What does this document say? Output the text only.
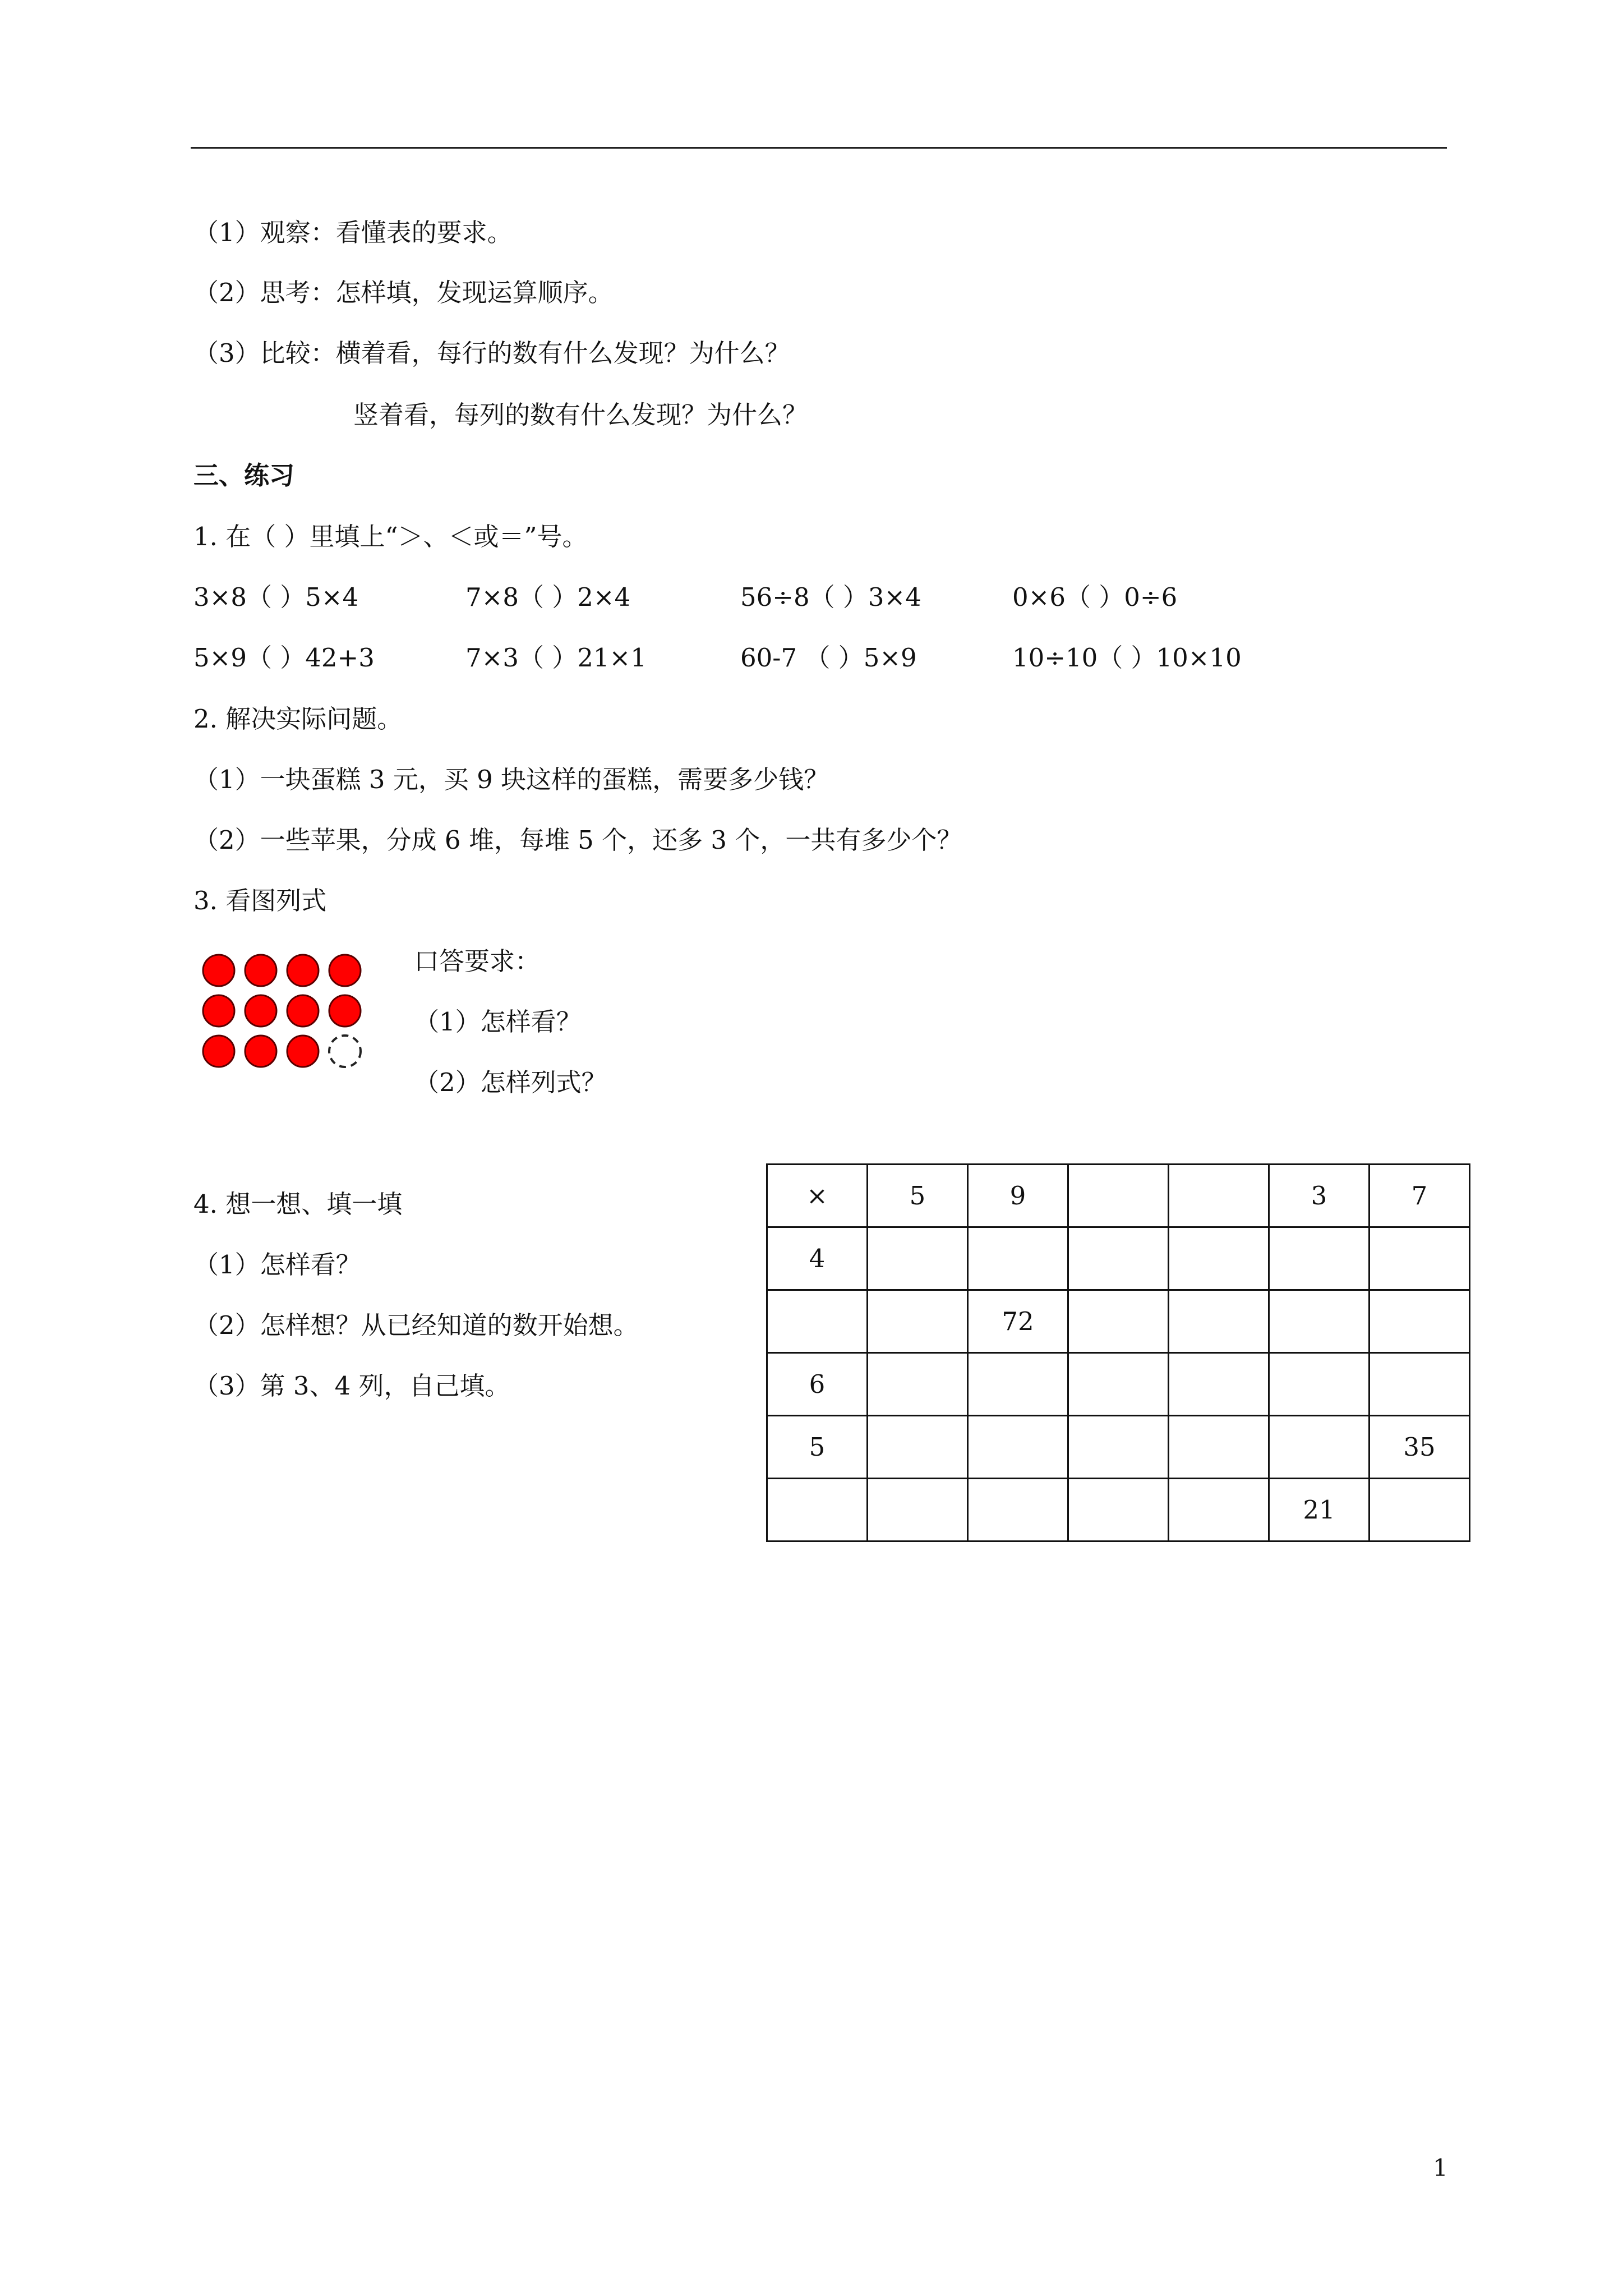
（1）观察：看懂表的要求。
（2）思考：怎样填，发现运算顺序。
（3）比较：横着看，每行的数有什么发现？为什么？
竖着看，每列的数有什么发现？为什么？
三、练习
1. 在（ ）里填上“＞、＜或＝”号。
3×8（ ）5×4	7×8（ ）2×4	56÷8（ ）3×4	0×6（ ）0÷6
5×9（ ）42+3	7×3（ ）21×1	60-7 （ ）5×9	10÷10（ ）10×10
2. 解决实际问题。
（1）一块蛋糕 3 元，买 9 块这样的蛋糕，需要多少钱？
（2）一些苹果，分成 6 堆，每堆 5 个，还多 3 个，一共有多少个？
3. 看图列式
口答要求：
（1）怎样看？
（2）怎样列式？
4. 想一想、填一填
（1）怎样看？
（2）怎样想？从已经知道的数开始想。
（3）第 3、4 列，自己填。
×	5	9			3	7
4						
		72				
6						
5						35
					21	
1
